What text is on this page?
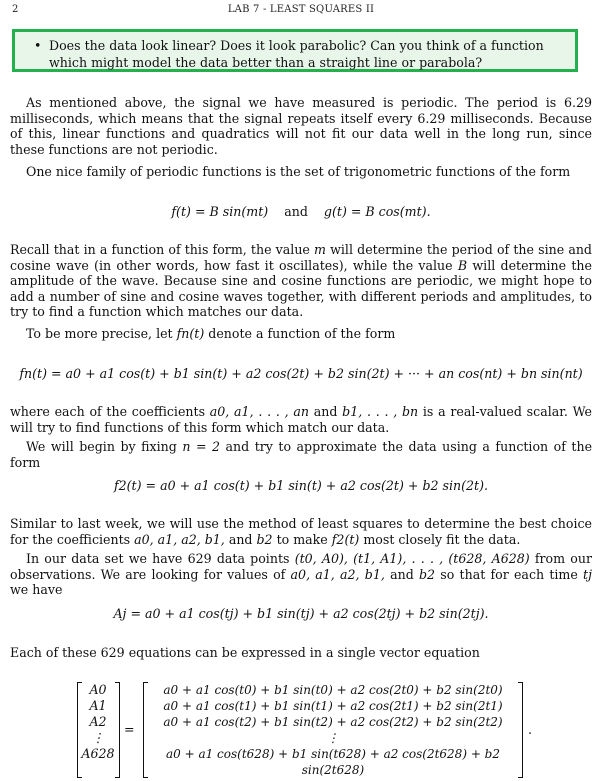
2	LAB 7 - LEAST SQUARES II
• Does the data look linear? Does it look parabolic? Can you think of a function which might model the data better than a straight line or parabola?
As mentioned above, the signal we have measured is periodic. The period is 6.29 milliseconds, which means that the signal repeats itself every 6.29 milliseconds. Because of this, linear functions and quadratics will not fit our data well in the long run, since these functions are not periodic.
One nice family of periodic functions is the set of trigonometric functions of the form
f(t) = B sin(mt) and g(t) = B cos(mt).
Recall that in a function of this form, the value m will determine the period of the sine and cosine wave (in other words, how fast it oscillates), while the value B will determine the amplitude of the wave. Because sine and cosine functions are periodic, we might hope to add a number of sine and cosine waves together, with different periods and amplitudes, to try to find a function which matches our data.
To be more precise, let fn(t) denote a function of the form
fn(t) = a0 + a1 cos(t) + b1 sin(t) + a2 cos(2t) + b2 sin(2t) + ··· + an cos(nt) + bn sin(nt)
where each of the coefficients a0, a1, . . . , an and b1, . . . , bn is a real-valued scalar. We will try to find functions of this form which match our data.
We will begin by fixing n = 2 and try to approximate the data using a function of the form
f2(t) = a0 + a1 cos(t) + b1 sin(t) + a2 cos(2t) + b2 sin(2t).
Similar to last week, we will use the method of least squares to determine the best choice for the coefficients a0, a1, a2, b1, and b2 to make f2(t) most closely fit the data.
In our data set we have 629 data points (t0, A0), (t1, A1), . . . , (t628, A628) from our observations. We are looking for values of a0, a1, a2, b1, and b2 so that for each time tj we have
Aj = a0 + a1 cos(tj) + b1 sin(tj) + a2 cos(2tj) + b2 sin(2tj).
Each of these 629 equations can be expressed in a single vector equation
A0
A1
A2
⋮
A628
=
a0 + a1 cos(t0) + b1 sin(t0) + a2 cos(2t0) + b2 sin(2t0)
a0 + a1 cos(t1) + b1 sin(t1) + a2 cos(2t1) + b2 sin(2t1)
a0 + a1 cos(t2) + b1 sin(t2) + a2 cos(2t2) + b2 sin(2t2)
⋮
a0 + a1 cos(t628) + b1 sin(t628) + a2 cos(2t628) + b2 sin(2t628)
.
